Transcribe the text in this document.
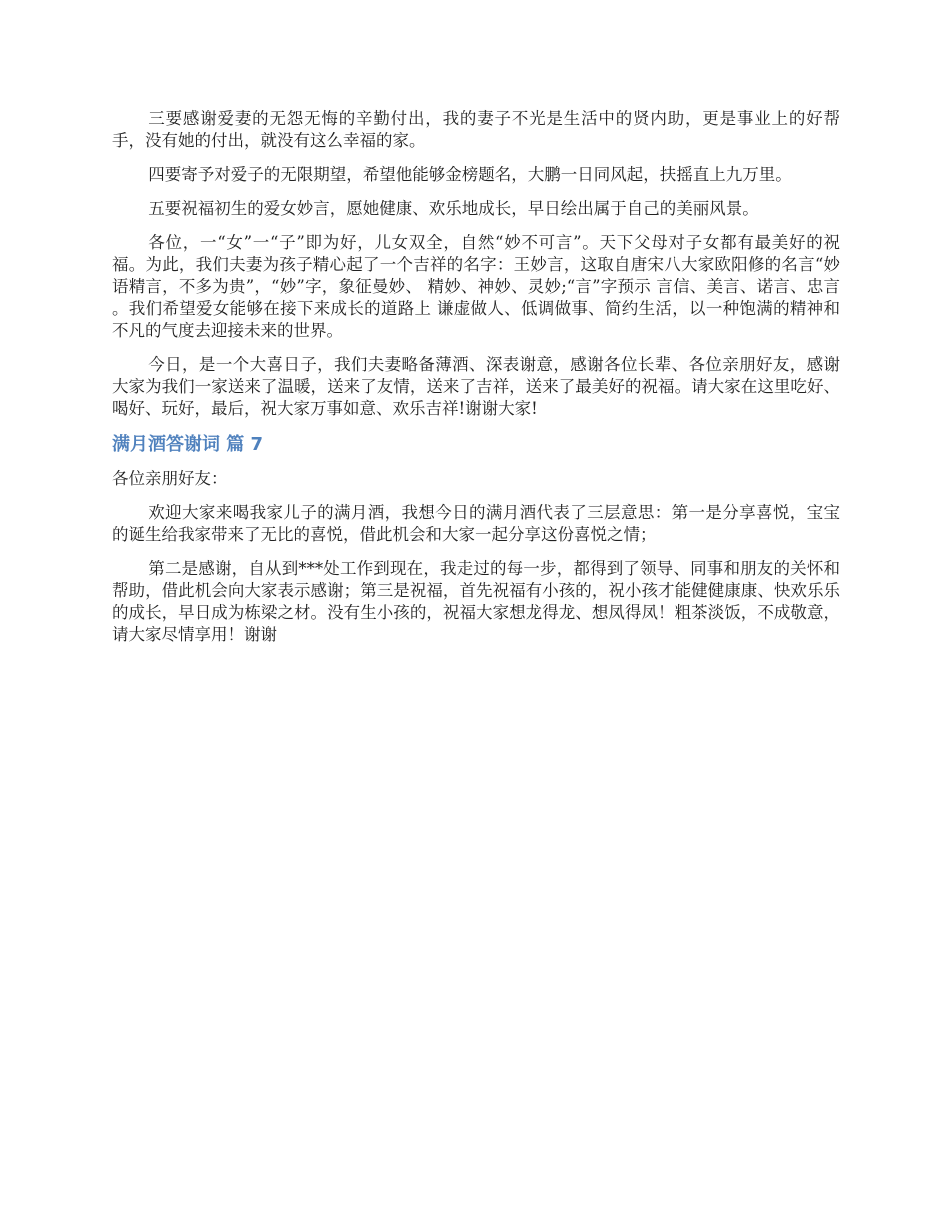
三要感谢爱妻的无怨无悔的辛勤付出，我的妻子不光是生活中的贤内助，更是事业上的好帮手，没有她的付出，就没有这么幸福的家。

四要寄予对爱子的无限期望，希望他能够金榜题名，大鹏一日同风起，扶摇直上九万里。

五要祝福初生的爱女妙言，愿她健康、欢乐地成长，早日绘出属于自己的美丽风景。

各位，一“女”一“子”即为好，儿女双全，自然“妙不可言”。天下父母对子女都有最美好的祝福。为此，我们夫妻为孩子精心起了一个吉祥的名字：王妙言，这取自唐宋八大家欧阳修的名言“妙语精言，不多为贵”，“妙”字，象征曼妙、 精妙、神妙、灵妙;“言”字预示 言信、美言、诺言、忠言 。我们希望爱女能够在接下来成长的道路上 谦虚做人、低调做事、简约生活，以一种饱满的精神和不凡的气度去迎接未来的世界。

今日，是一个大喜日子，我们夫妻略备薄酒、深表谢意，感谢各位长辈、各位亲朋好友，感谢大家为我们一家送来了温暖，送来了友情，送来了吉祥，送来了最美好的祝福。请大家在这里吃好、喝好、玩好，最后，祝大家万事如意、欢乐吉祥!谢谢大家!

满月酒答谢词 篇 7

各位亲朋好友：

欢迎大家来喝我家儿子的满月酒，我想今日的满月酒代表了三层意思：第一是分享喜悦，宝宝的诞生给我家带来了无比的喜悦，借此机会和大家一起分享这份喜悦之情；

第二是感谢，自从到***处工作到现在，我走过的每一步，都得到了领导、同事和朋友的关怀和帮助，借此机会向大家表示感谢；第三是祝福，首先祝福有小孩的，祝小孩才能健健康康、快欢乐乐的成长，早日成为栋梁之材。没有生小孩的，祝福大家想龙得龙、想凤得凤！粗茶淡饭，不成敬意，请大家尽情享用！谢谢
